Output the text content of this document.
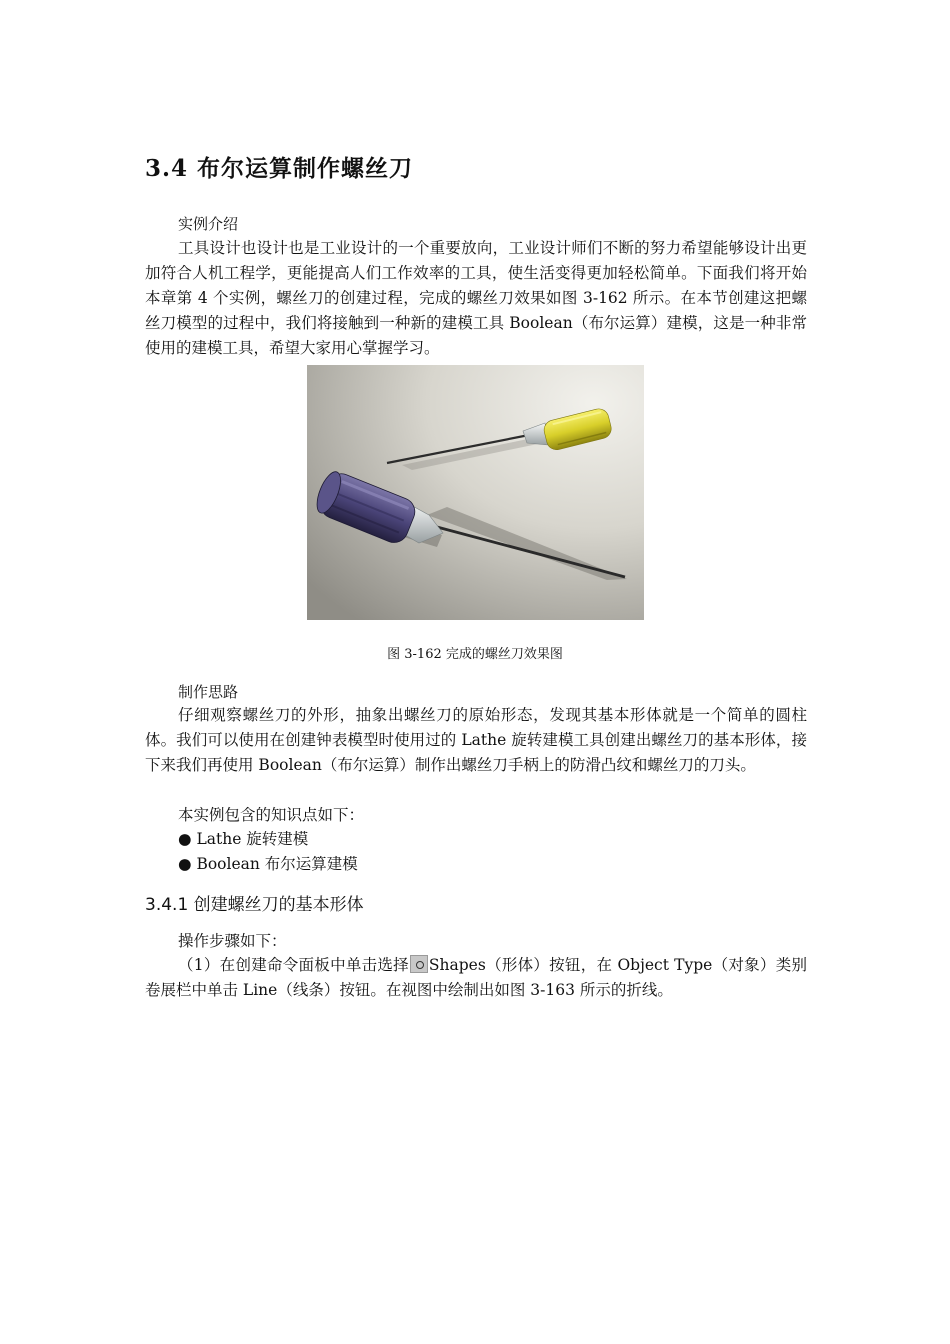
3.4 布尔运算制作螺丝刀

实例介绍

工具设计也设计也是工业设计的一个重要放向，工业设计师们不断的努力希望能够设计出更加符合人机工程学，更能提高人们工作效率的工具，使生活变得更加轻松简单。下面我们将开始本章第 4 个实例，螺丝刀的创建过程，完成的螺丝刀效果如图 3-162 所示。在本节创建这把螺丝刀模型的过程中，我们将接触到一种新的建模工具 Boolean（布尔运算）建模，这是一种非常使用的建模工具，希望大家用心掌握学习。

图 3-162 完成的螺丝刀效果图

制作思路

仔细观察螺丝刀的外形，抽象出螺丝刀的原始形态，发现其基本形体就是一个简单的圆柱体。我们可以使用在创建钟表模型时使用过的 Lathe 旋转建模工具创建出螺丝刀的基本形体，接下来我们再使用 Boolean（布尔运算）制作出螺丝刀手柄上的防滑凸纹和螺丝刀的刀头。

本实例包含的知识点如下：

● Lathe 旋转建模

● Boolean 布尔运算建模

3.4.1 创建螺丝刀的基本形体

操作步骤如下：

（1）在创建命令面板中单击选择 Shapes（形体）按钮，在 Object Type（对象）类别卷展栏中单击 Line（线条）按钮。在视图中绘制出如图 3-163 所示的折线。
